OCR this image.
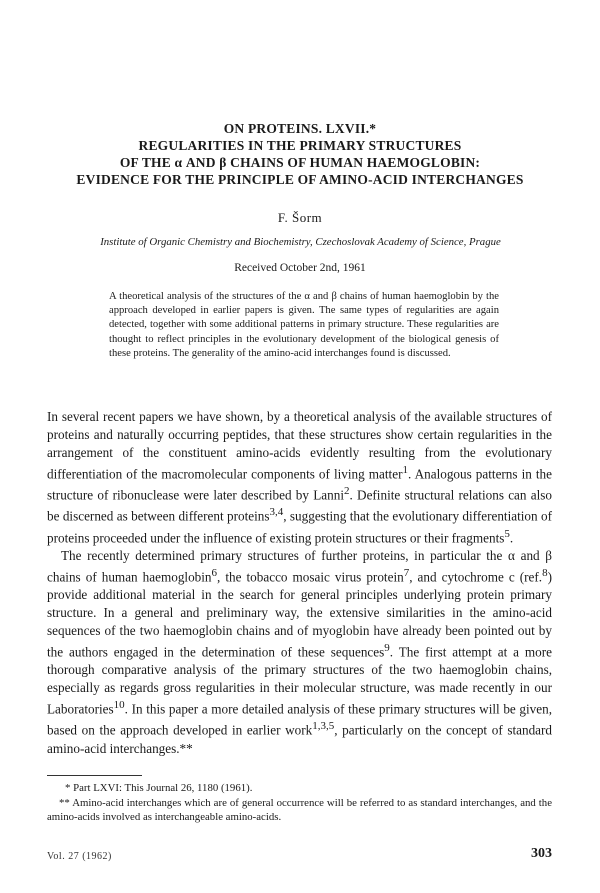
ON PROTEINS. LXVII.*
REGULARITIES IN THE PRIMARY STRUCTURES
OF THE α AND β CHAINS OF HUMAN HAEMOGLOBIN:
EVIDENCE FOR THE PRINCIPLE OF AMINO-ACID INTERCHANGES
F. Šorm
Institute of Organic Chemistry and Biochemistry, Czechoslovak Academy of Science, Prague
Received October 2nd, 1961
A theoretical analysis of the structures of the α and β chains of human haemoglobin by the approach developed in earlier papers is given. The same types of regularities are again detected, together with some additional patterns in primary structure. These regularities are thought to reflect principles in the evolutionary development of the biological genesis of these proteins. The generality of the amino-acid interchanges found is discussed.

In several recent papers we have shown, by a theoretical analysis of the available structures of proteins and naturally occurring peptides, that these structures show certain regularities in the arrangement of the constituent amino-acids evidently resulting from the evolutionary differentiation of the macromolecular components of living matter$^1$. Analogous patterns in the structure of ribonuclease were later described by Lanni$^2$. Definite structural relations can also be discerned as between different proteins$^{3,4}$, suggesting that the evolutionary differentiation of proteins proceeded under the influence of existing protein structures or their fragments$^5$.

The recently determined primary structures of further proteins, in particular the α and β chains of human haemoglobin$^6$, the tobacco mosaic virus protein$^7$, and cytochrome c (ref.$^8$) provide additional material in the search for general principles underlying protein primary structure. In a general and preliminary way, the extensive similarities in the amino-acid sequences of the two haemoglobin chains and of myoglobin have already been pointed out by the authors engaged in the determination of these sequences$^9$. The first attempt at a more thorough comparative analysis of the primary structures of the two haemoglobin chains, especially as regards gross regularities in their molecular structure, was made recently in our Laboratories$^{10}$. In this paper a more detailed analysis of these primary structures will be given, based on the approach developed in earlier work$^{1,3,5}$, particularly on the concept of standard amino-acid interchanges.**

* Part LXVI: This Journal 26, 1180 (1961).

** Amino-acid interchanges which are of general occurrence will be referred to as standard interchanges, and the amino-acids involved as interchangeable amino-acids.

Vol. 27 (1962)	303
